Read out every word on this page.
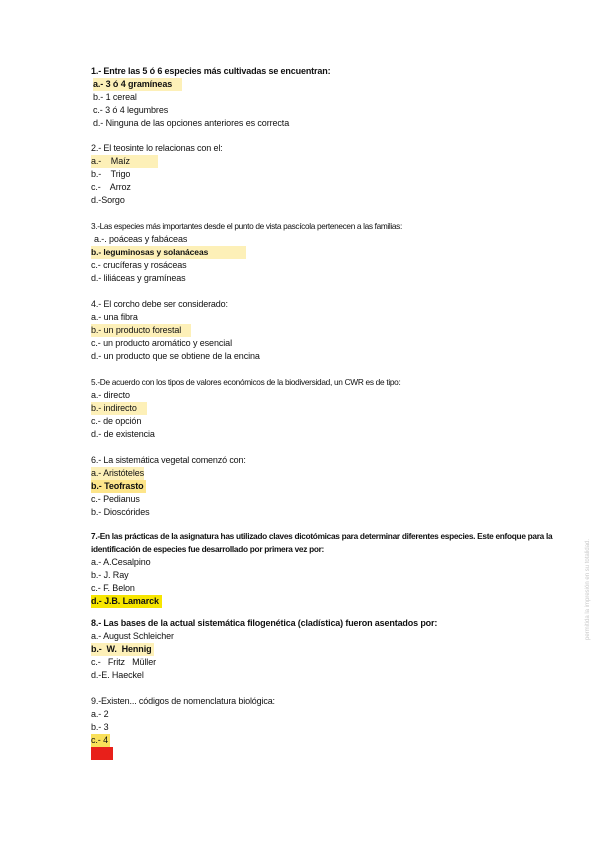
1.- Entre las 5 ó 6 especies más cultivadas se encuentran:
a.- 3 ó 4 gramíneas
b.- 1 cereal
c.- 3 ó 4 legumbres
d.- Ninguna de las opciones anteriores es correcta
2.- El teosinte lo relacionas con el:
a.-    Maíz
b.-    Trigo
c.-    Arroz
d.-Sorgo
3.-Las especies más importantes desde el punto de vista pascícola pertenecen a las familias:
a.-. poáceas y fabáceas
b.- leguminosas y solanáceas
c.- crucíferas y rosáceas
d.- liliáceas y gramíneas
4.- El corcho debe ser considerado:
a.- una fibra
b.- un producto forestal
c.- un producto aromático y esencial
d.- un producto que se obtiene de la encina
5.-De acuerdo con los tipos de valores económicos de la biodiversidad, un CWR es de tipo:
a.- directo
b.- indirecto
c.- de opción
d.- de existencia
6.- La sistemática vegetal comenzó con:
a.- Aristóteles
b.- Teofrasto
c.- Pedianus
b.- Dioscórides
7.-En las prácticas de la asignatura has utilizado claves dicotómicas para determinar diferentes especies. Este enfoque para la identificación de especies fue desarrollado por primera vez por:
a.- A.Cesalpino
b.- J. Ray
c.- F. Belon
d.- J.B. Lamarck
8.- Las bases de la actual sistemática filogenética (cladística) fueron asentados por:
a.- August Schleicher
b.-  W.  Hennig
c.-   Fritz   Müller
d.-E. Haeckel
9.-Existen... códigos de nomenclatura biológica:
a.- 2
b.- 3
c.- 4
d.- 5
permitida la impresión en su totalidad.
